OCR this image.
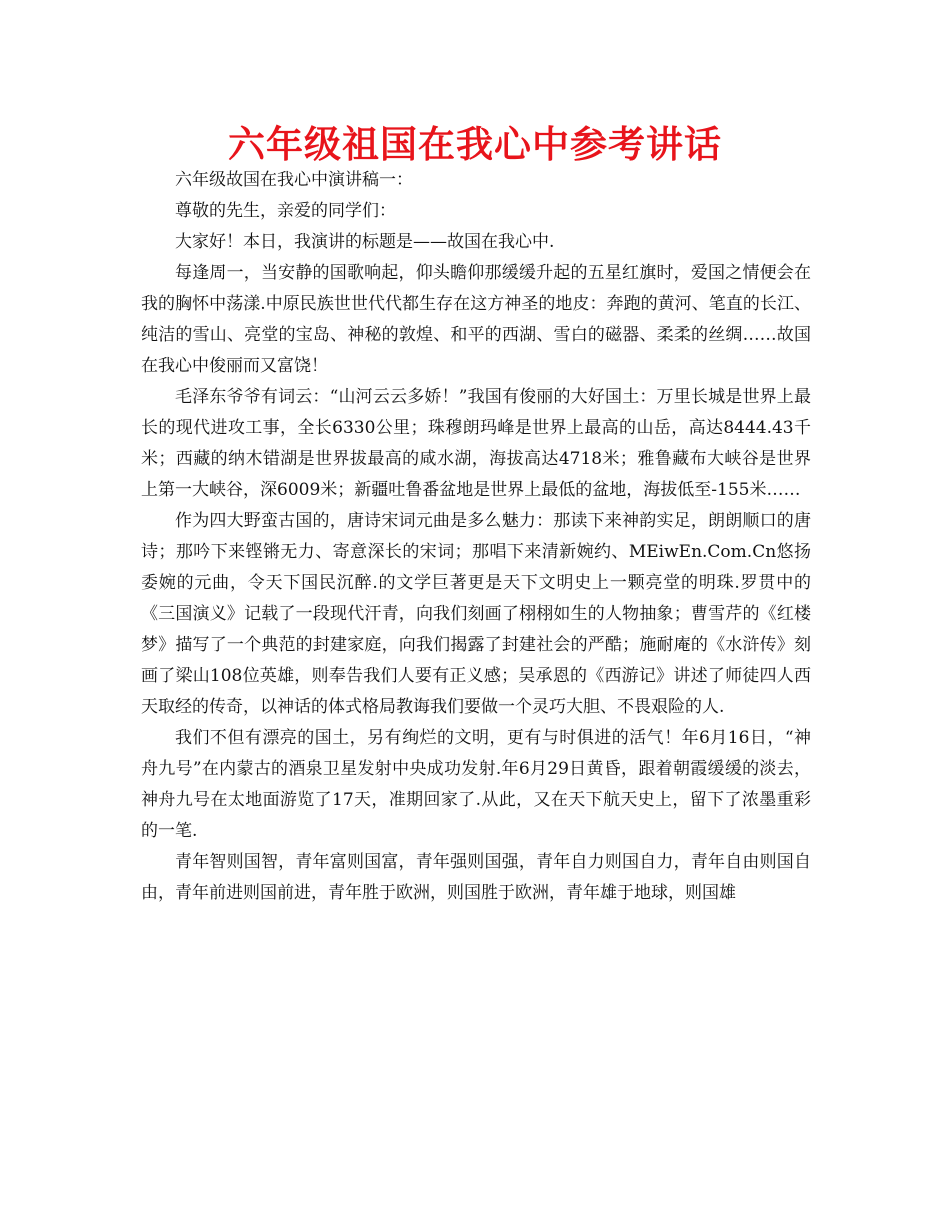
六年级祖国在我心中参考讲话

六年级故国在我心中演讲稿一：

尊敬的先生，亲爱的同学们：

大家好！本日，我演讲的标题是——故国在我心中.

每逢周一，当安静的国歌响起，仰头瞻仰那缓缓升起的五星红旗时，爱国之情便会在我的胸怀中荡漾.中原民族世世代代都生存在这方神圣的地皮：奔跑的黄河、笔直的长江、纯洁的雪山、亮堂的宝岛、神秘的敦煌、和平的西湖、雪白的磁器、柔柔的丝绸……故国在我心中俊丽而又富饶！

毛泽东爷爷有词云：“山河云云多娇！”我国有俊丽的大好国土：万里长城是世界上最长的现代进攻工事，全长6330公里；珠穆朗玛峰是世界上最高的山岳，高达8444.43千米；西藏的纳木错湖是世界拔最高的咸水湖，海拔高达4718米；雅鲁藏布大峡谷是世界上第一大峡谷，深6009米；新疆吐鲁番盆地是世界上最低的盆地，海拔低至-155米……

作为四大野蛮古国的，唐诗宋词元曲是多么魅力：那读下来神韵实足，朗朗顺口的唐诗；那吟下来铿锵无力、寄意深长的宋词；那唱下来清新婉约、MEiwEn.Com.Cn悠扬委婉的元曲，令天下国民沉醉.的文学巨著更是天下文明史上一颗亮堂的明珠.罗贯中的《三国演义》记载了一段现代汗青，向我们刻画了栩栩如生的人物抽象；曹雪芹的《红楼梦》描写了一个典范的封建家庭，向我们揭露了封建社会的严酷；施耐庵的《水浒传》刻画了梁山108位英雄，则奉告我们人要有正义感；吴承恩的《西游记》讲述了师徒四人西天取经的传奇，以神话的体式格局教诲我们要做一个灵巧大胆、不畏艰险的人.

我们不但有漂亮的国土，另有绚烂的文明，更有与时俱进的活气！年6月16日，“神舟九号”在内蒙古的酒泉卫星发射中央成功发射.年6月29日黄昏，跟着朝霞缓缓的淡去，神舟九号在太地面游览了17天，准期回家了.从此，又在天下航天史上，留下了浓墨重彩的一笔.

青年智则国智，青年富则国富，青年强则国强，青年自力则国自力，青年自由则国自由，青年前进则国前进，青年胜于欧洲，则国胜于欧洲，青年雄于地球，则国雄
